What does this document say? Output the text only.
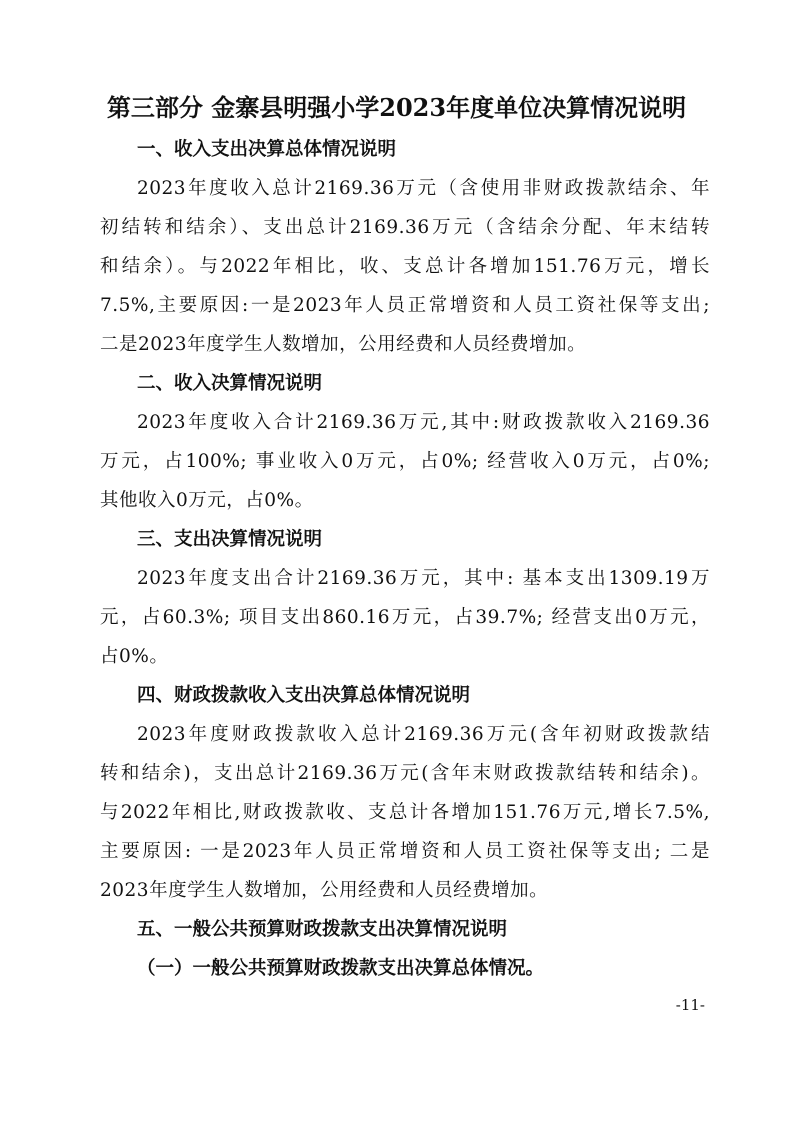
第三部分 金寨县明强小学2023年度单位决算情况说明
一、收入支出决算总体情况说明
2023年度收入总计2169.36万元（含使用非财政拨款结余、年
初结转和结余）、支出总计2169.36万元（含结余分配、年末结转
和结余）。与2022年相比，收、支总计各增加151.76万元，增长
7.5%,主要原因:一是2023年人员正常增资和人员工资社保等支出;
二是2023年度学生人数增加，公用经费和人员经费增加。
二、收入决算情况说明
2023年度收入合计2169.36万元,其中:财政拨款收入2169.36
万元，占100%; 事业收入0万元，占0%; 经营收入0万元，占0%;
其他收入0万元，占0%。
三、支出决算情况说明
2023年度支出合计2169.36万元，其中: 基本支出1309.19万
元，占60.3%; 项目支出860.16万元，占39.7%; 经营支出0万元，
占0%。
四、财政拨款收入支出决算总体情况说明
2023年度财政拨款收入总计2169.36万元(含年初财政拨款结
转和结余)，支出总计2169.36万元(含年末财政拨款结转和结余)。
与2022年相比,财政拨款收、支总计各增加151.76万元,增长7.5%,
主要原因: 一是2023年人员正常增资和人员工资社保等支出; 二是
2023年度学生人数增加，公用经费和人员经费增加。
五、一般公共预算财政拨款支出决算情况说明
（一）一般公共预算财政拨款支出决算总体情况。
-11-
